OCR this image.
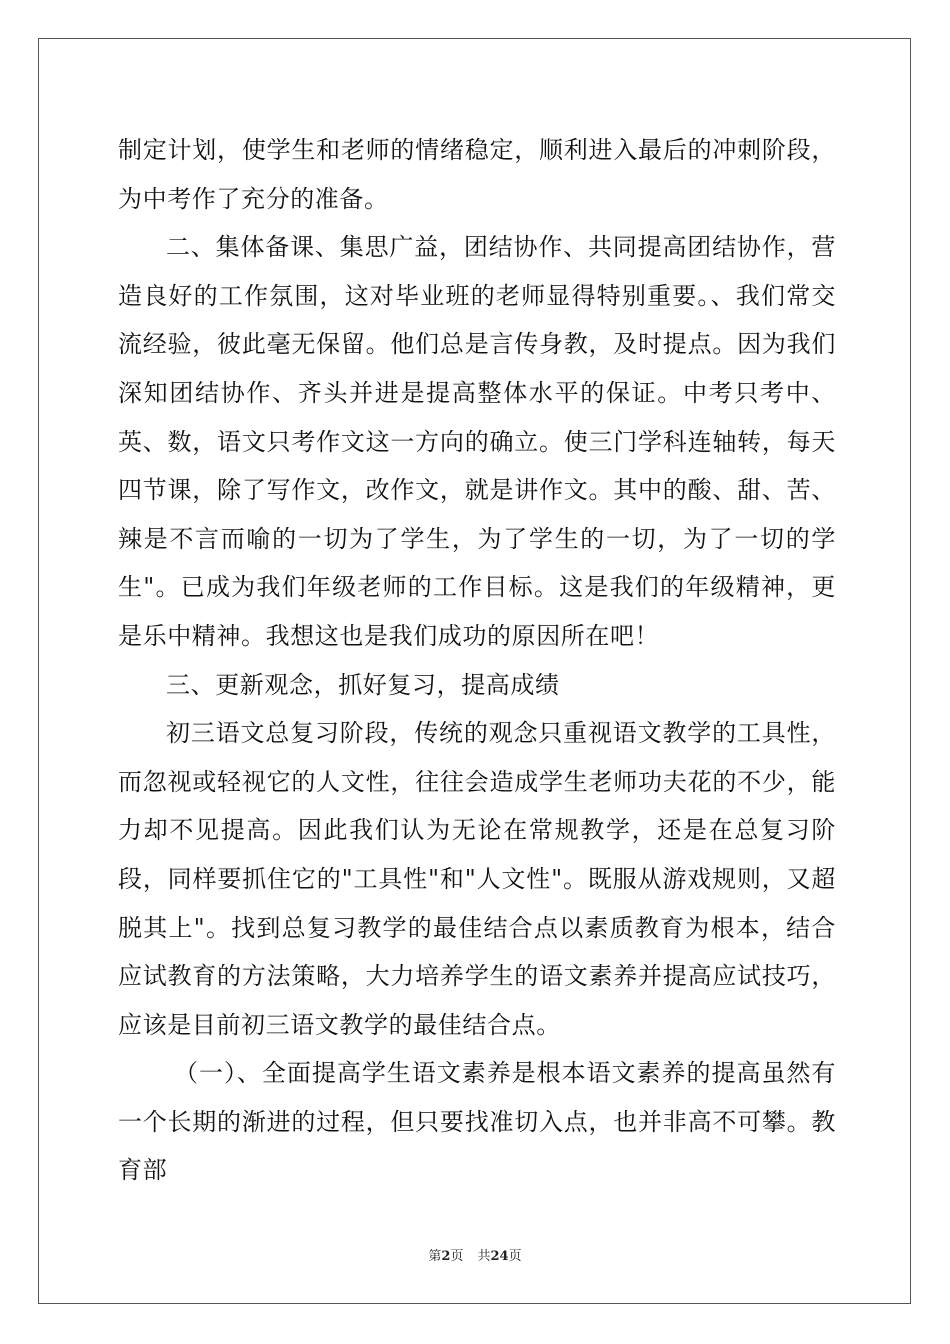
制定计划，使学生和老师的情绪稳定，顺利进入最后的冲刺阶段，为中考作了充分的准备。

二、集体备课、集思广益，团结协作、共同提高团结协作，营造良好的工作氛围，这对毕业班的老师显得特别重要。、我们常交流经验，彼此毫无保留。他们总是言传身教，及时提点。因为我们深知团结协作、齐头并进是提高整体水平的保证。中考只考中、英、数，语文只考作文这一方向的确立。使三门学科连轴转，每天四节课，除了写作文，改作文，就是讲作文。其中的酸、甜、苦、辣是不言而喻的一切为了学生，为了学生的一切，为了一切的学生"。已成为我们年级老师的工作目标。这是我们的年级精神，更是乐中精神。我想这也是我们成功的原因所在吧！

三、更新观念，抓好复习，提高成绩

初三语文总复习阶段，传统的观念只重视语文教学的工具性，而忽视或轻视它的人文性，往往会造成学生老师功夫花的不少，能力却不见提高。因此我们认为无论在常规教学，还是在总复习阶段，同样要抓住它的"工具性"和"人文性"。既服从游戏规则，又超脱其上"。找到总复习教学的最佳结合点以素质教育为根本，结合应试教育的方法策略，大力培养学生的语文素养并提高应试技巧，应该是目前初三语文教学的最佳结合点。

（一）、全面提高学生语文素养是根本语文素养的提高虽然有一个长期的渐进的过程，但只要找准切入点，也并非高不可攀。教育部

第2页 共24页
